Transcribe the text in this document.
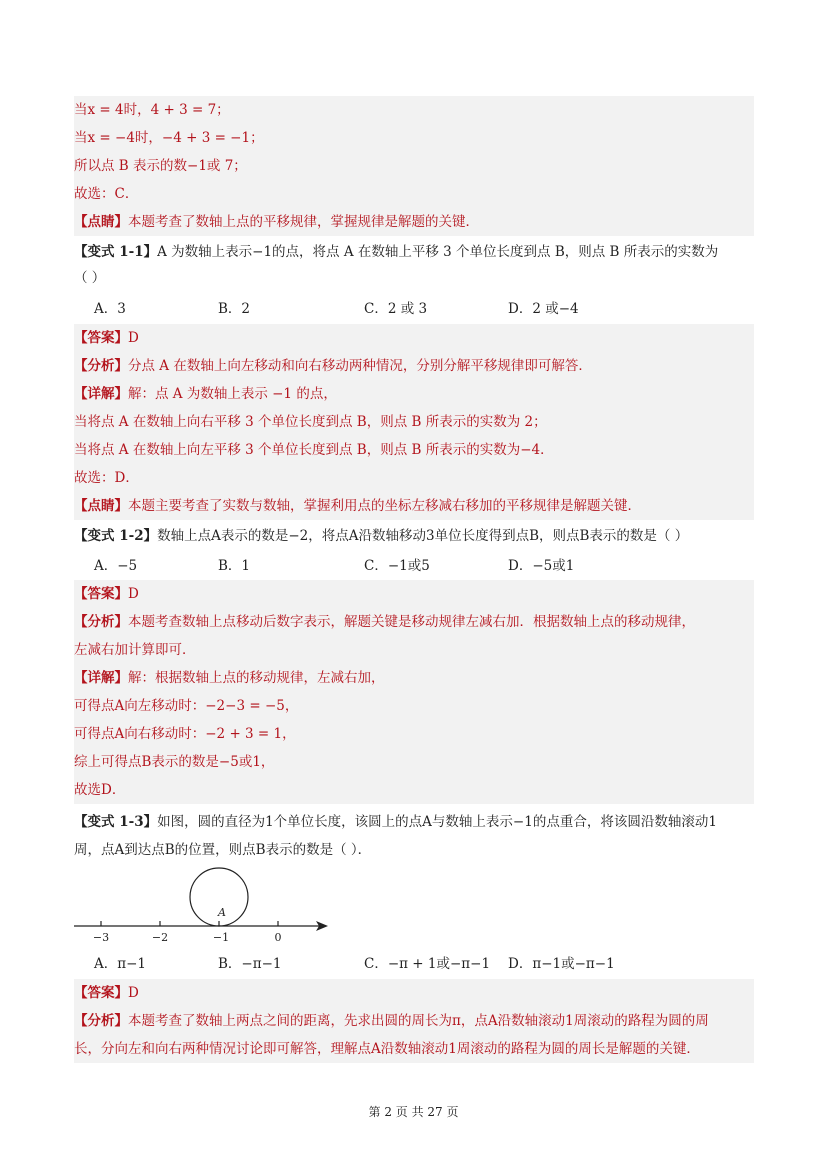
当x = 4时，4 + 3 = 7；
当x = −4时，−4 + 3 = −1；
所以点 B 表示的数−1或 7；
故选：C．
【点睛】本题考查了数轴上点的平移规律，掌握规律是解题的关键．
【变式 1-1】A 为数轴上表示−1的点，将点 A 在数轴上平移 3 个单位长度到点 B，则点 B 所表示的实数为
（ ）
A．3	B．2	C．2 或 3	D．2 或−4
【答案】D
【分析】分点 A 在数轴上向左移动和向右移动两种情况，分别分解平移规律即可解答．
【详解】解：点 A 为数轴上表示 −1 的点，
当将点 A 在数轴上向右平移 3 个单位长度到点 B，则点 B 所表示的实数为 2；
当将点 A 在数轴上向左平移 3 个单位长度到点 B，则点 B 所表示的实数为−4．
故选：D．
【点睛】本题主要考查了实数与数轴，掌握利用点的坐标左移减右移加的平移规律是解题关键．
【变式 1-2】数轴上点A表示的数是−2，将点A沿数轴移动3单位长度得到点B，则点B表示的数是（ ）
A．−5	B．1	C．−1或5	D．−5或1
【答案】D
【分析】本题考查数轴上点移动后数字表示，解题关键是移动规律左减右加．根据数轴上点的移动规律，
左减右加计算即可．
【详解】解：根据数轴上点的移动规律，左减右加，
可得点A向左移动时：−2−3 = −5，
可得点A向右移动时：−2 + 3 = 1，
综上可得点B表示的数是−5或1，
故选D．
【变式 1-3】如图，圆的直径为1个单位长度，该圆上的点A与数轴上表示−1的点重合，将该圆沿数轴滚动1
周，点A到达点B的位置，则点B表示的数是（ ）．
A
−3	−2	−1	0
A．π−1	B．−π−1	C．−π + 1或−π−1 D．π−1或−π−1
【答案】D
【分析】本题考查了数轴上两点之间的距离，先求出圆的周长为π，点A沿数轴滚动1周滚动的路程为圆的周
长，分向左和向右两种情况讨论即可解答，理解点A沿数轴滚动1周滚动的路程为圆的周长是解题的关键．
第 2 页 共 27 页
